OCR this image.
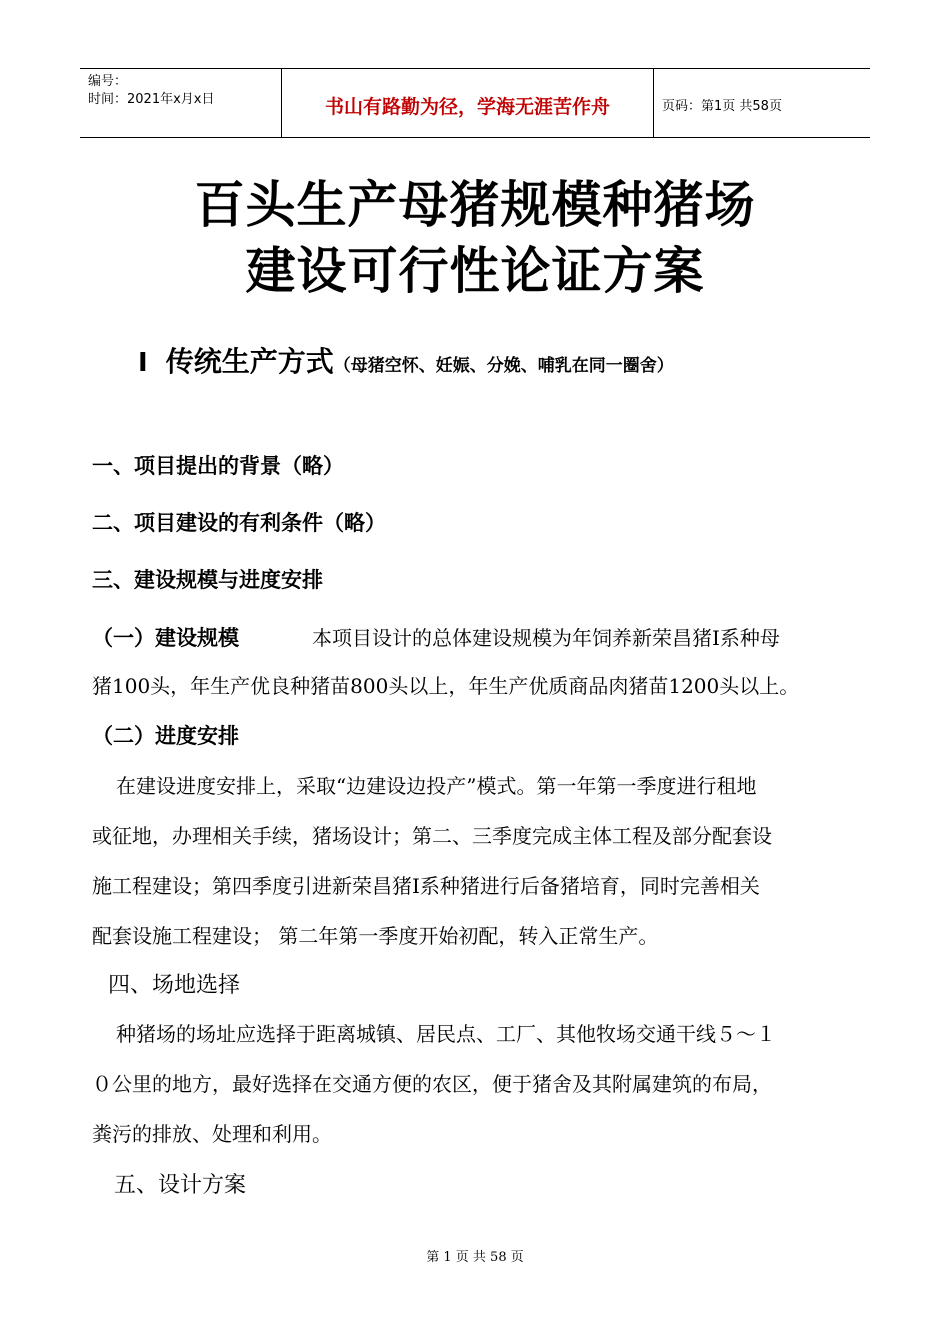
编号：
时间：2021年x月x日	书山有路勤为径，学海无涯苦作舟	页码：第1页 共58页
百头生产母猪规模种猪场
建设可行性论证方案
Ⅰ 传统生产方式（母猪空怀、妊娠、分娩、哺乳在同一圈舍）
一、项目提出的背景（略）
二、项目建设的有利条件（略）
三、建设规模与进度安排
（一）建设规模	本项目设计的总体建设规模为年饲养新荣昌猪Ⅰ系种母
猪100头，年生产优良种猪苗800头以上，年生产优质商品肉猪苗1200头以上。
（二）进度安排
在建设进度安排上，采取“边建设边投产”模式。第一年第一季度进行租地
或征地，办理相关手续，猪场设计；第二、三季度完成主体工程及部分配套设
施工程建设；第四季度引进新荣昌猪Ⅰ系种猪进行后备猪培育，同时完善相关
配套设施工程建设； 第二年第一季度开始初配，转入正常生产。
四、场地选择
种猪场的场址应选择于距离城镇、居民点、工厂、其他牧场交通干线５～１
０公里的地方，最好选择在交通方便的农区，便于猪舍及其附属建筑的布局，
粪污的排放、处理和利用。
五、设计方案
第 1 页 共 58 页
